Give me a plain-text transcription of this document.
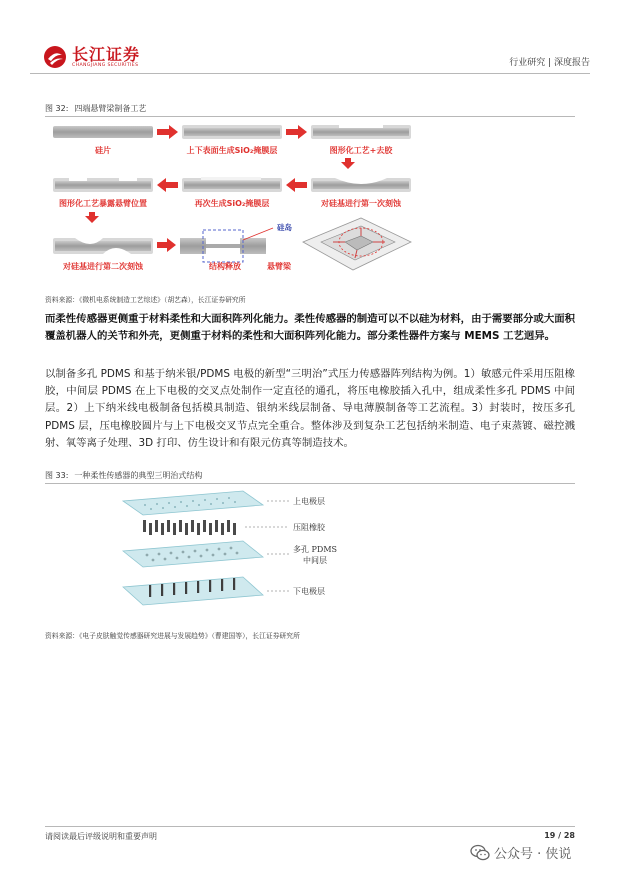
长江证券
CHANGJIANG SECURITIES	行业研究 | 深度报告
图 32: 四端悬臂梁制备工艺
硅片	上下表面生成SiO₂掩膜层	图形化工艺+去胶
图形化工艺暴露悬臂位置	再次生成SiO₂掩膜层	对硅基进行第一次刻蚀
硅岛
对硅基进行第二次刻蚀	结构释放	悬臂梁
资料来源：《微机电系统制造工艺综述》（胡艺森），长江证券研究所
而柔性传感器更侧重于材料柔性和大面积阵列化能力。柔性传感器的制造可以不以硅为材料，由于需要部分或大面积覆盖机器人的关节和外壳，更侧重于材料的柔性和大面积阵列化能力。部分柔性器件方案与 MEMS 工艺迥异。
以制备多孔 PDMS 和基于纳米银/PDMS 电极的新型“三明治”式压力传感器阵列结构为例。1）敏感元件采用压阻橡胶，中间层 PDMS 在上下电极的交叉点处制作一定直径的通孔，将压电橡胶插入孔中，组成柔性多孔 PDMS 中间层。2）上下纳米线电极制备包括模具制造、银纳米线层制备、导电薄膜制备等工艺流程。3）封装时，按压多孔 PDMS 层，压电橡胶圆片与上下电极交叉节点完全重合。整体涉及到复杂工艺包括纳米制造、电子束蒸镀、磁控溅射、氧等离子处理、3D 打印、仿生设计和有限元仿真等制造技术。
图 33: 一种柔性传感器的典型三明治式结构
上电极层
压阻橡胶
多孔 PDMS
中间层
下电极层
资料来源：《电子皮肤触觉传感器研究进展与发展趋势》（曹建国等），长江证券研究所
请阅读最后评级说明和重要声明	19 / 28
公众号 · 侠说
